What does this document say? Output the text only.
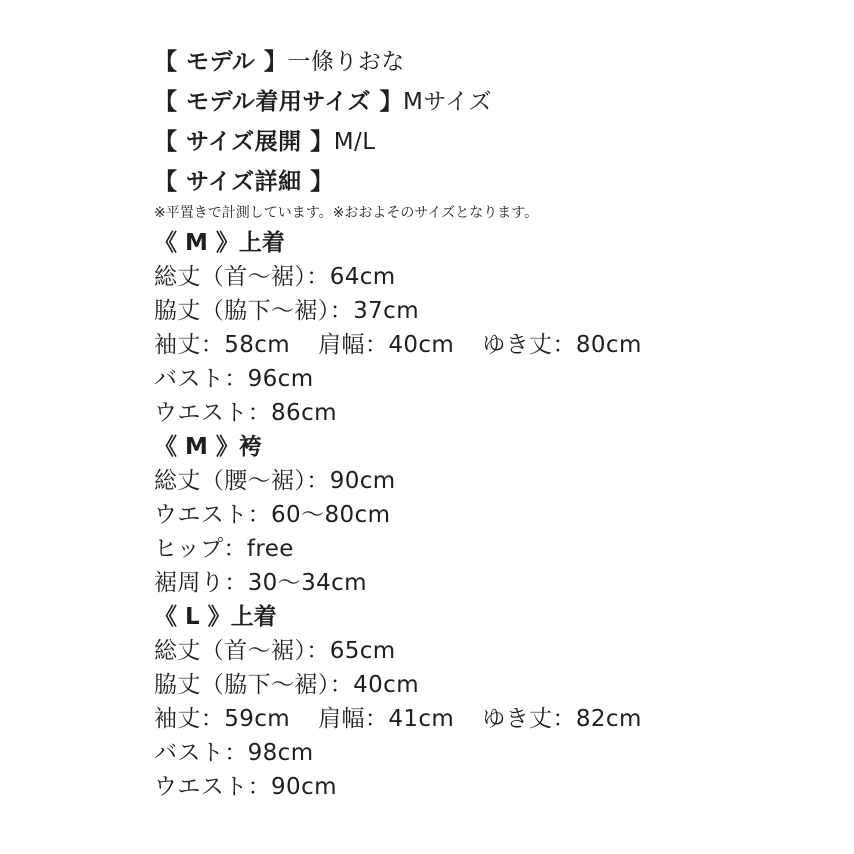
【 モデル 】一條りおな
【 モデル着用サイズ 】Mサイズ
【 サイズ展開 】M/L
【 サイズ詳細 】
※平置きで計測しています。※おおよそのサイズとなります。
《 M 》上着
総丈（首〜裾）：64cm
脇丈（脇下〜裾）：37cm
袖丈：58cm 肩幅：40cm ゆき丈：80cm
バスト：96cm
ウエスト：86cm
《 M 》袴
総丈（腰〜裾）：90cm
ウエスト：60〜80cm
ヒップ：free
裾周り：30〜34cm
《 L 》上着
総丈（首〜裾）：65cm
脇丈（脇下〜裾）：40cm
袖丈：59cm 肩幅：41cm ゆき丈：82cm
バスト：98cm
ウエスト：90cm
